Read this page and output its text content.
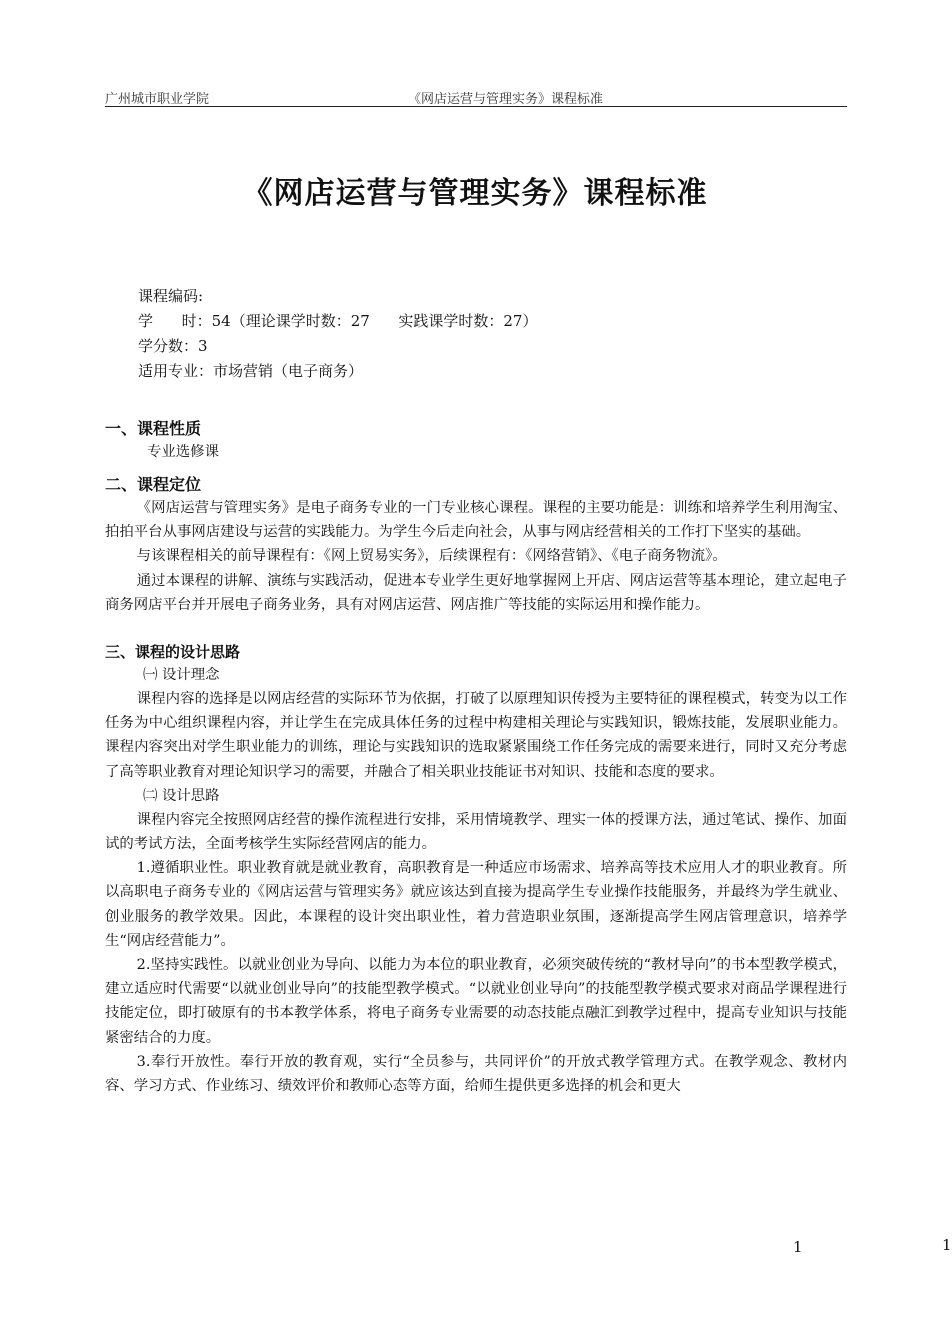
广州城市职业学院	《网店运营与管理实务》课程标准
《网店运营与管理实务》课程标准
课程编码:
学      时：54（理论课学时数：27      实践课学时数：27）
学分数：3
适用专业：市场营销（电子商务）
一、课程性质

专业选修课

二、课程定位

《网店运营与管理实务》是电子商务专业的一门专业核心课程。课程的主要功能是：训练和培养学生利用淘宝、拍拍平台从事网店建设与运营的实践能力。为学生今后走向社会，从事与网店经营相关的工作打下坚实的基础。

与该课程相关的前导课程有：《网上贸易实务》，后续课程有：《网络营销》、《电子商务物流》。

通过本课程的讲解、演练与实践活动，促进本专业学生更好地掌握网上开店、网店运营等基本理论，建立起电子商务网店平台并开展电子商务业务，具有对网店运营、网店推广等技能的实际运用和操作能力。

三、课程的设计思路

㈠ 设计理念

课程内容的选择是以网店经营的实际环节为依据，打破了以原理知识传授为主要特征的课程模式，转变为以工作任务为中心组织课程内容，并让学生在完成具体任务的过程中构建相关理论与实践知识，锻炼技能，发展职业能力。课程内容突出对学生职业能力的训练，理论与实践知识的选取紧紧围绕工作任务完成的需要来进行，同时又充分考虑了高等职业教育对理论知识学习的需要，并融合了相关职业技能证书对知识、技能和态度的要求。

㈡ 设计思路

课程内容完全按照网店经营的操作流程进行安排，采用情境教学、理实一体的授课方法，通过笔试、操作、加面试的考试方法，全面考核学生实际经营网店的能力。

1.遵循职业性。职业教育就是就业教育，高职教育是一种适应市场需求、培养高等技术应用人才的职业教育。所以高职电子商务专业的《网店运营与管理实务》就应该达到直接为提高学生专业操作技能服务，并最终为学生就业、创业服务的教学效果。因此，本课程的设计突出职业性，着力营造职业氛围，逐渐提高学生网店管理意识，培养学生“网店经营能力”。

2.坚持实践性。以就业创业为导向、以能力为本位的职业教育，必须突破传统的“教材导向”的书本型教学模式，建立适应时代需要“以就业创业导向”的技能型教学模式。“以就业创业导向”的技能型教学模式要求对商品学课程进行技能定位，即打破原有的书本教学体系，将电子商务专业需要的动态技能点融汇到教学过程中，提高专业知识与技能紧密结合的力度。

3.奉行开放性。奉行开放的教育观，实行“全员参与，共同评价”的开放式教学管理方式。在教学观念、教材内容、学习方式、作业练习、绩效评价和教师心态等方面，给师生提供更多选择的机会和更大

1	1
